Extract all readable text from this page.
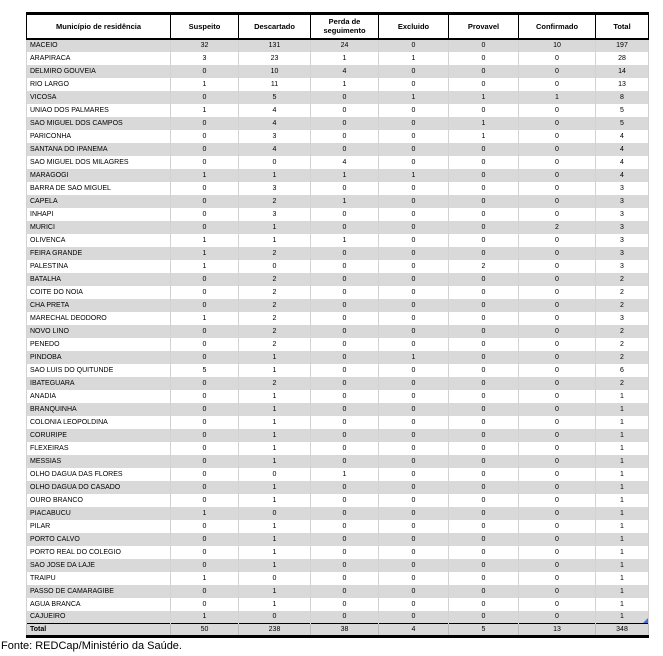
Município de residência	Suspeito	Descartado	Perda de seguimento	Excluido	Provavel	Confirmado	Total
MACEIO	32	131	24	0	0	10	197
ARAPIRACA	3	23	1	1	0	0	28
DELMIRO GOUVEIA	0	10	4	0	0	0	14
RIO LARGO	1	11	1	0	0	0	13
VICOSA	0	5	0	1	1	1	8
UNIAO DOS PALMARES	1	4	0	0	0	0	5
SAO MIGUEL DOS CAMPOS	0	4	0	0	1	0	5
PARICONHA	0	3	0	0	1	0	4
SANTANA DO IPANEMA	0	4	0	0	0	0	4
SAO MIGUEL DOS MILAGRES	0	0	4	0	0	0	4
MARAGOGI	1	1	1	1	0	0	4
BARRA DE SAO MIGUEL	0	3	0	0	0	0	3
CAPELA	0	2	1	0	0	0	3
INHAPI	0	3	0	0	0	0	3
MURICI	0	1	0	0	0	2	3
OLIVENCA	1	1	1	0	0	0	3
FEIRA GRANDE	1	2	0	0	0	0	3
PALESTINA	1	0	0	0	2	0	3
BATALHA	0	2	0	0	0	0	2
COITE DO NOIA	0	2	0	0	0	0	2
CHA PRETA	0	2	0	0	0	0	2
MARECHAL DEODORO	1	2	0	0	0	0	3
NOVO LINO	0	2	0	0	0	0	2
PENEDO	0	2	0	0	0	0	2
PINDOBA	0	1	0	1	0	0	2
SAO LUIS DO QUITUNDE	5	1	0	0	0	0	6
IBATEGUARA	0	2	0	0	0	0	2
ANADIA	0	1	0	0	0	0	1
BRANQUINHA	0	1	0	0	0	0	1
COLONIA LEOPOLDINA	0	1	0	0	0	0	1
CORURIPE	0	1	0	0	0	0	1
FLEXEIRAS	0	1	0	0	0	0	1
MESSIAS	0	1	0	0	0	0	1
OLHO DAGUA DAS FLORES	0	0	1	0	0	0	1
OLHO DAGUA DO CASADO	0	1	0	0	0	0	1
OURO BRANCO	0	1	0	0	0	0	1
PIACABUCU	1	0	0	0	0	0	1
PILAR	0	1	0	0	0	0	1
PORTO CALVO	0	1	0	0	0	0	1
PORTO REAL DO COLEGIO	0	1	0	0	0	0	1
SAO JOSE DA LAJE	0	1	0	0	0	0	1
TRAIPU	1	0	0	0	0	0	1
PASSO DE CAMARAGIBE	0	1	0	0	0	0	1
AGUA BRANCA	0	1	0	0	0	0	1
CAJUEIRO	1	0	0	0	0	0	1

Total	50	238	38	4	5	13	348
Fonte: REDCap/Ministério da Saúde.
